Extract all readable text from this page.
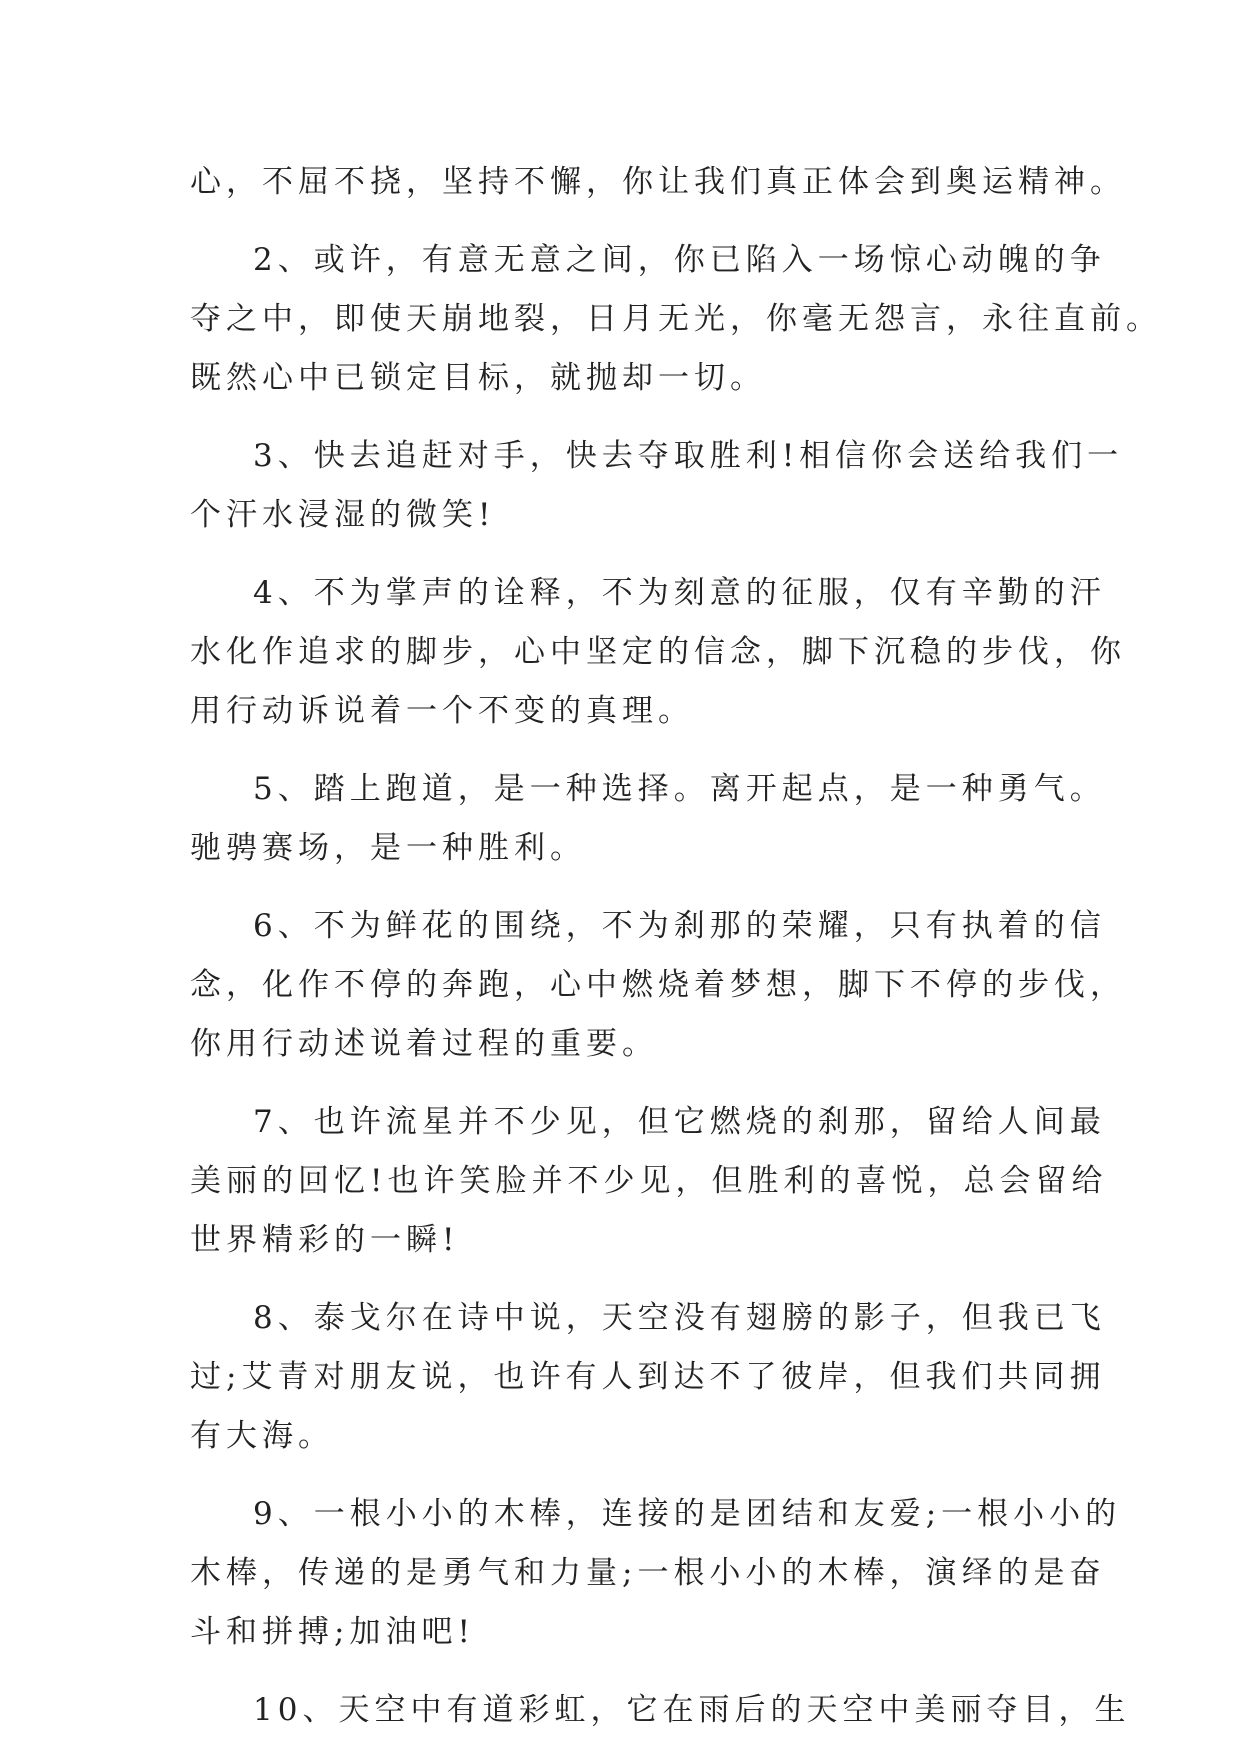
心，不屈不挠，坚持不懈，你让我们真正体会到奥运精神。
2、或许，有意无意之间，你已陷入一场惊心动魄的争
夺之中，即使天崩地裂，日月无光，你毫无怨言，永往直前。
既然心中已锁定目标，就抛却一切。
3、快去追赶对手，快去夺取胜利!相信你会送给我们一
个汗水浸湿的微笑!
4、不为掌声的诠释，不为刻意的征服，仅有辛勤的汗
水化作追求的脚步，心中坚定的信念，脚下沉稳的步伐，你
用行动诉说着一个不变的真理。
5、踏上跑道，是一种选择。离开起点，是一种勇气。
驰骋赛场，是一种胜利。
6、不为鲜花的围绕，不为刹那的荣耀，只有执着的信
念，化作不停的奔跑，心中燃烧着梦想，脚下不停的步伐，
你用行动述说着过程的重要。
7、也许流星并不少见，但它燃烧的刹那，留给人间最
美丽的回忆!也许笑脸并不少见，但胜利的喜悦，总会留给
世界精彩的一瞬!
8、泰戈尔在诗中说，天空没有翅膀的影子，但我已飞
过;艾青对朋友说，也许有人到达不了彼岸，但我们共同拥
有大海。
9、一根小小的木棒，连接的是团结和友爱;一根小小的
木棒，传递的是勇气和力量;一根小小的木棒，演绎的是奋
斗和拼搏;加油吧!
10、天空中有道彩虹，它在雨后的天空中美丽夺目，生
